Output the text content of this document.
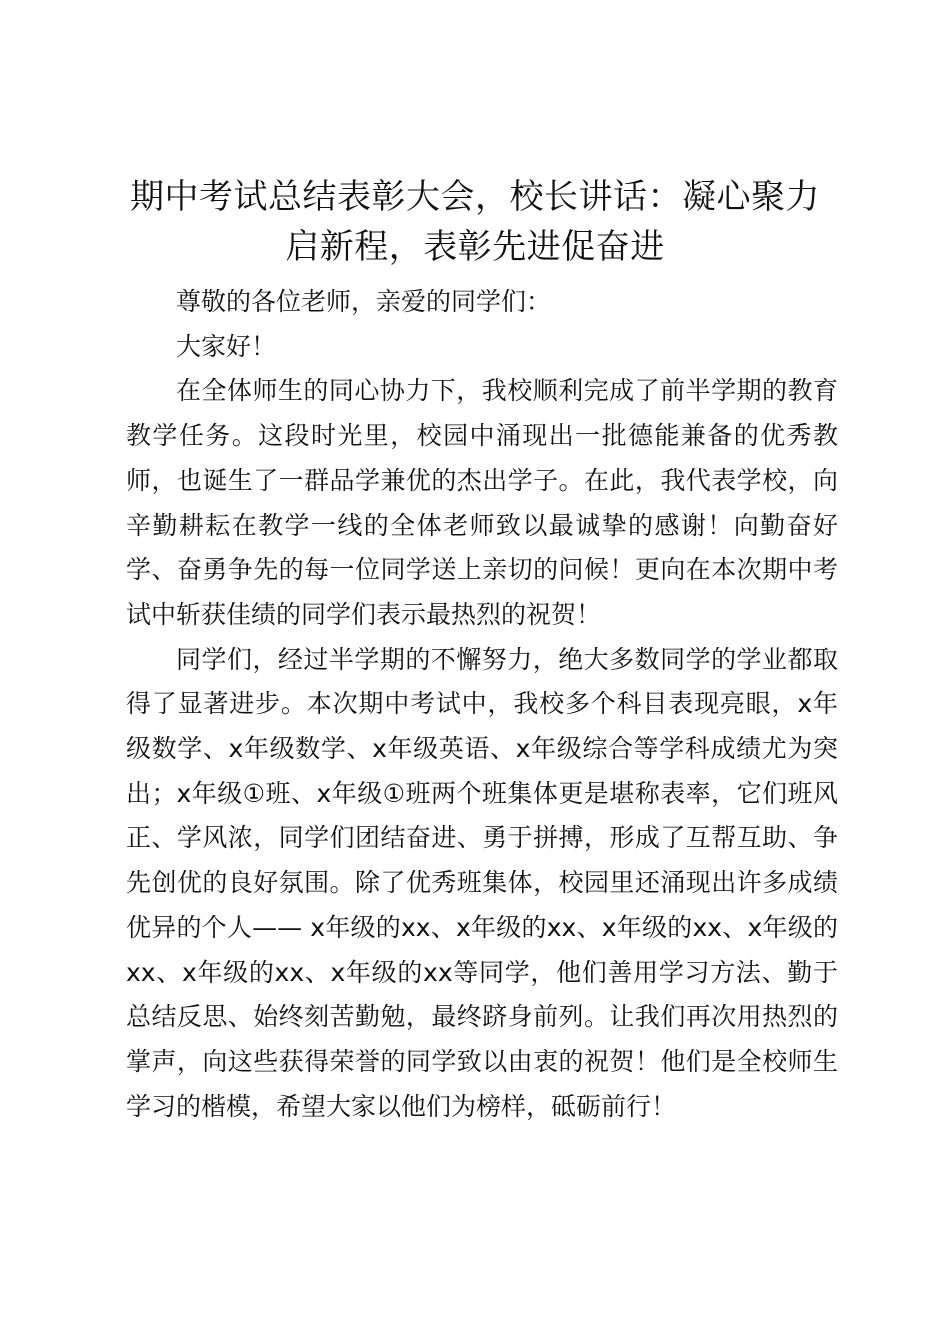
期中考试总结表彰大会，校长讲话：凝心聚力
启新程，表彰先进促奋进

尊敬的各位老师，亲爱的同学们：

大家好！

在全体师生的同心协力下，我校顺利完成了前半学期的教育教学任务。这段时光里，校园中涌现出一批德能兼备的优秀教师，也诞生了一群品学兼优的杰出学子。在此，我代表学校，向辛勤耕耘在教学一线的全体老师致以最诚挚的感谢！向勤奋好学、奋勇争先的每一位同学送上亲切的问候！更向在本次期中考试中斩获佳绩的同学们表示最热烈的祝贺！

同学们，经过半学期的不懈努力，绝大多数同学的学业都取得了显著进步。本次期中考试中，我校多个科目表现亮眼，x年级数学、x年级数学、x年级英语、x年级综合等学科成绩尤为突出；x年级①班、x年级①班两个班集体更是堪称表率，它们班风正、学风浓，同学们团结奋进、勇于拼搏，形成了互帮互助、争先创优的良好氛围。除了优秀班集体，校园里还涌现出许多成绩优异的个人—— x年级的xx、x年级的xx、x年级的xx、x年级的xx、x年级的xx、x年级的xx等同学，他们善用学习方法、勤于总结反思、始终刻苦勤勉，最终跻身前列。让我们再次用热烈的掌声，向这些获得荣誉的同学致以由衷的祝贺！他们是全校师生学习的楷模，希望大家以他们为榜样，砥砺前行！
